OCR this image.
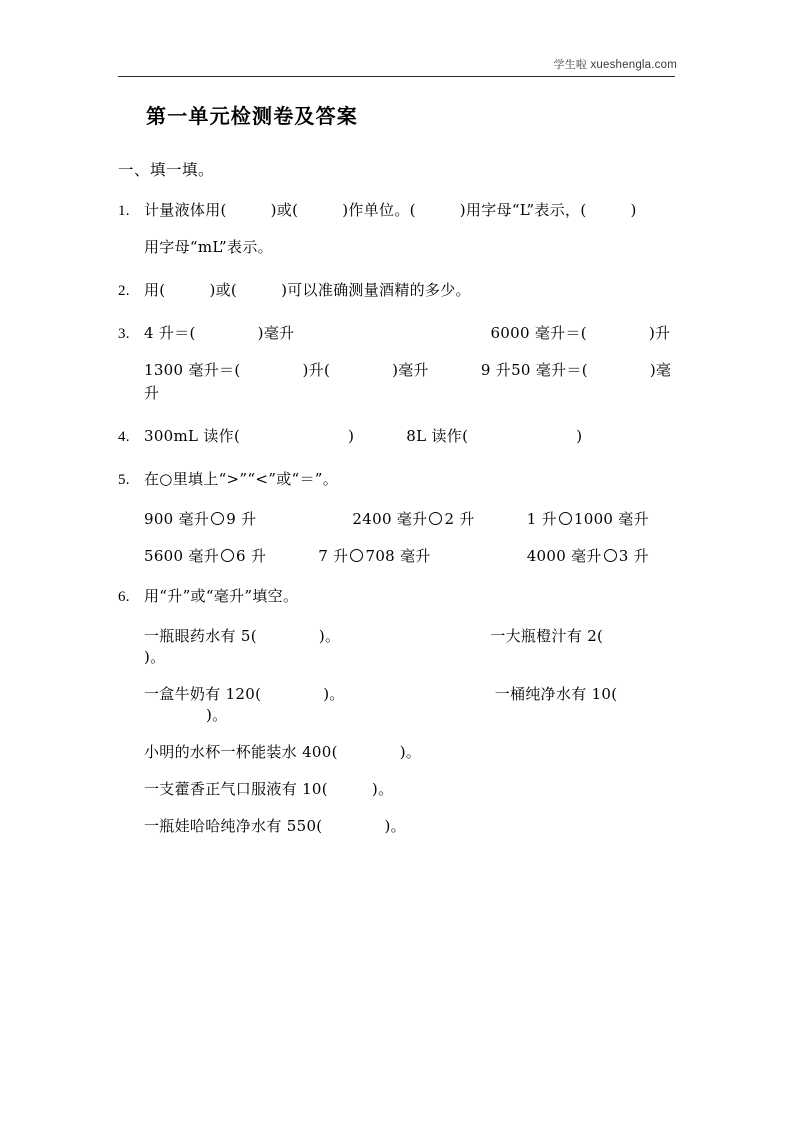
学生啦 xueshengla.com
第一单元检测卷及答案
一、填一填。
1. 计量液体用(	)或(	)作单位。(	)用字母“L”表示，(	)
用字母“mL”表示。
2. 用(	)或(	)可以准确测量酒精的多少。
3. 4 升＝(	)毫升	6000 毫升＝(	)升
1300 毫升＝(	)升(	)毫升	9 升50 毫升＝(	)毫升
4. 300mL 读作(	)	8L 读作(	)
5. 在○里填上“>”“<”或“＝”。
900 毫升 9 升	2400 毫升 2 升	1 升 1000 毫升
5600 毫升 6 升	7 升 708 毫升	4000 毫升 3 升
6. 用“升”或“毫升”填空。
一瓶眼药水有 5(	)。	一大瓶橙汁有 2()。
一盒牛奶有 120(	)。	一桶纯净水有 10()。
小明的水杯一杯能装水 400(	)。
一支藿香正气口服液有 10(	)。
一瓶娃哈哈纯净水有 550(	)。
